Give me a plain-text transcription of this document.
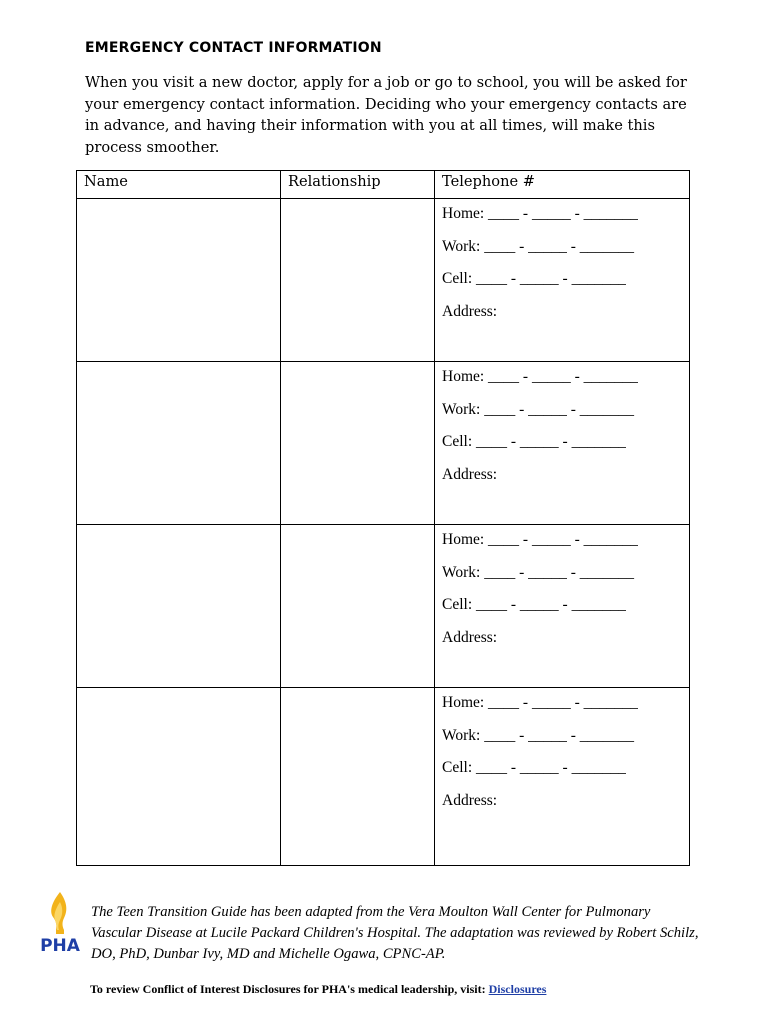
EMERGENCY CONTACT INFORMATION

When you visit a new doctor, apply for a job or go to school, you will be asked for your emergency contact information. Deciding who your emergency contacts are in advance, and having their information with you at all times, will make this process smoother.

Name	Relationship	Telephone #

		Home: ____ - _____ - _______
Work: ____ - _____ - _______
Cell: ____ - _____ - _______
Address:

		Home: ____ - _____ - _______
Work: ____ - _____ - _______
Cell: ____ - _____ - _______
Address:

		Home: ____ - _____ - _______
Work: ____ - _____ - _______
Cell: ____ - _____ - _______
Address:

		Home: ____ - _____ - _______
Work: ____ - _____ - _______
Cell: ____ - _____ - _______
Address:
PHA

The Teen Transition Guide has been adapted from the Vera Moulton Wall Center for Pulmonary Vascular Disease at Lucile Packard Children's Hospital. The adaptation was reviewed by Robert Schilz, DO, PhD, Dunbar Ivy, MD and Michelle Ogawa, CPNC-AP.

To review Conflict of Interest Disclosures for PHA's medical leadership, visit: Disclosures
